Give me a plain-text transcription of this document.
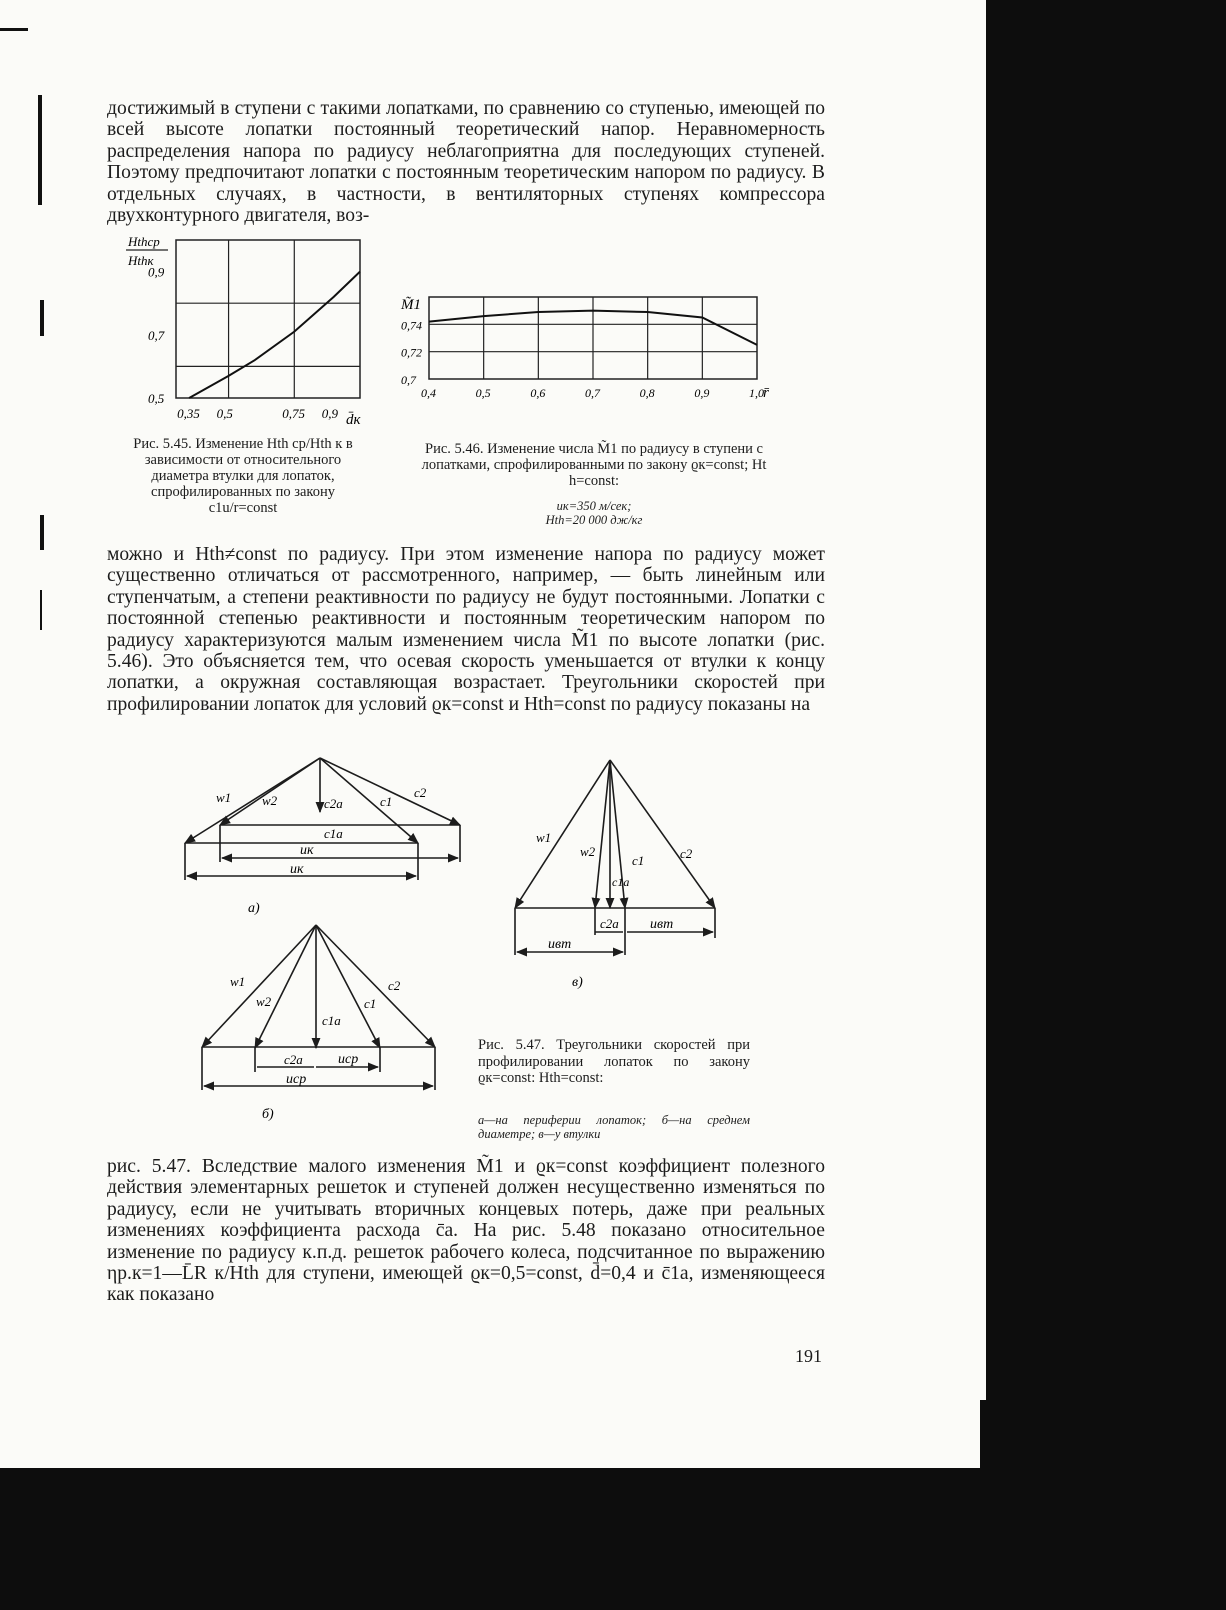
достижимый в ступени с такими лопатками, по сравнению со ступенью, имеющей по всей высоте лопатки постоянный теоретический напор. Неравномерность распределения напора по радиусу неблагоприятна для последующих ступеней. Поэтому предпочитают лопатки с постоянным теоретическим напором по радиусу. В отдельных случаях, в частности, в вентиляторных ступенях компрессора двухконтурного двигателя, воз-

0,9
0,7
0,5
0,35 0,5	0,75 0,9
Hthср
Hthк
d̄к
Рис. 5.45. Изменение Hth ср/Hth к в зависимости от относительного диаметра втулки для лопаток, спрофилированных по закону c1u/r=const
0,74
0,72
0,7
0,4	0,5	0,6	0,7	0,8	0,9	1,0
M̃1
r̄
Рис. 5.46. Изменение числа M̃1 по радиусу в ступени с лопатками, спрофилированными по закону ϱк=const; Ht h=const:
uк=350 м/сек;
Hth=20 000 дж/кг

можно и Hth≠const по радиусу. При этом изменение напора по радиусу может существенно отличаться от рассмотренного, например, — быть линейным или ступенчатым, а степени реактивности по радиусу не будут постоянными. Лопатки с постоянной степенью реактивности и постоянным теоретическим напором по радиусу характеризуются малым изменением числа M̃1 по высоте лопатки (рис. 5.46). Это объясняется тем, что осевая скорость уменьшается от втулки к концу лопатки, а окружная составляющая возрастает. Треугольники скоростей при профилировании лопаток для условий ϱк=const и Hth=const по радиусу показаны на

w1 w2	c2a
c1a
c1
c2
uк
uк
а)
w1
w2
c1a
c1
c2
c2a	uср
uср
б)
w1
w2
c1
c1a
c2
c2a uвт
uвт
в)
Рис. 5.47. Треугольники скоростей при профилировании лопаток по закону ϱк=const: Hth=const:
а—на периферии лопаток; б—на среднем диаметре; в—у втулки

рис. 5.47. Вследствие малого изменения M̃1 и ϱк=const коэффициент полезного действия элементарных решеток и ступеней должен несущественно изменяться по радиусу, если не учитывать вторичных концевых потерь, даже при реальных изменениях коэффициента расхода c̄a. На рис. 5.48 показано относительное изменение по радиусу к.п.д. решеток рабочего колеса, подсчитанное по выражению ηр.к=1—L̄R к/Hth для ступени, имеющей ϱк=0,5=const, d̄=0,4 и c̄1a, изменяющееся как показано

191
